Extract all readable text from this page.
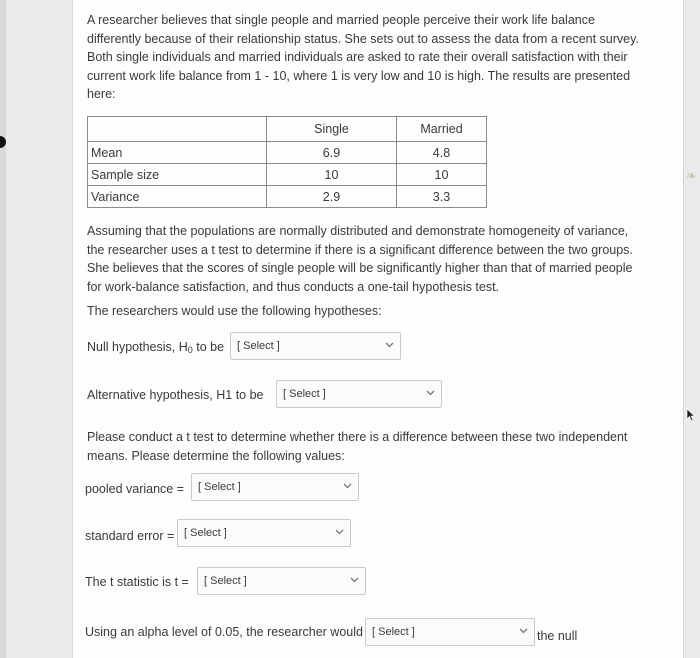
A researcher believes that single people and married people perceive their work life balance differently because of their relationship status. She sets out to assess the data from a recent survey. Both single individuals and married individuals are asked to rate their overall satisfaction with their current work life balance from 1 - 10, where 1 is very low and 10 is high. The results are presented here:
	Single	Married
Mean	6.9	4.8
Sample size	10	10
Variance	2.9	3.3
Assuming that the populations are normally distributed and demonstrate homogeneity of variance, the researcher uses a t test to determine if there is a significant difference between the two groups. She believes that the scores of single people will be significantly higher than that of married people for work-balance satisfaction, and thus conducts a one-tail hypothesis test.
The researchers would use the following hypotheses:
Null hypothesis, $H_0$ to be [ Select ]
Alternative hypothesis, H1 to be [ Select ]
Please conduct a t test to determine whether there is a difference between these two independent means. Please determine the following values:
pooled variance = [ Select ]
standard error = [ Select ]
The t statistic is t = [ Select ]
Using an alpha level of 0.05, the researcher would [ Select ]	the null
❧
